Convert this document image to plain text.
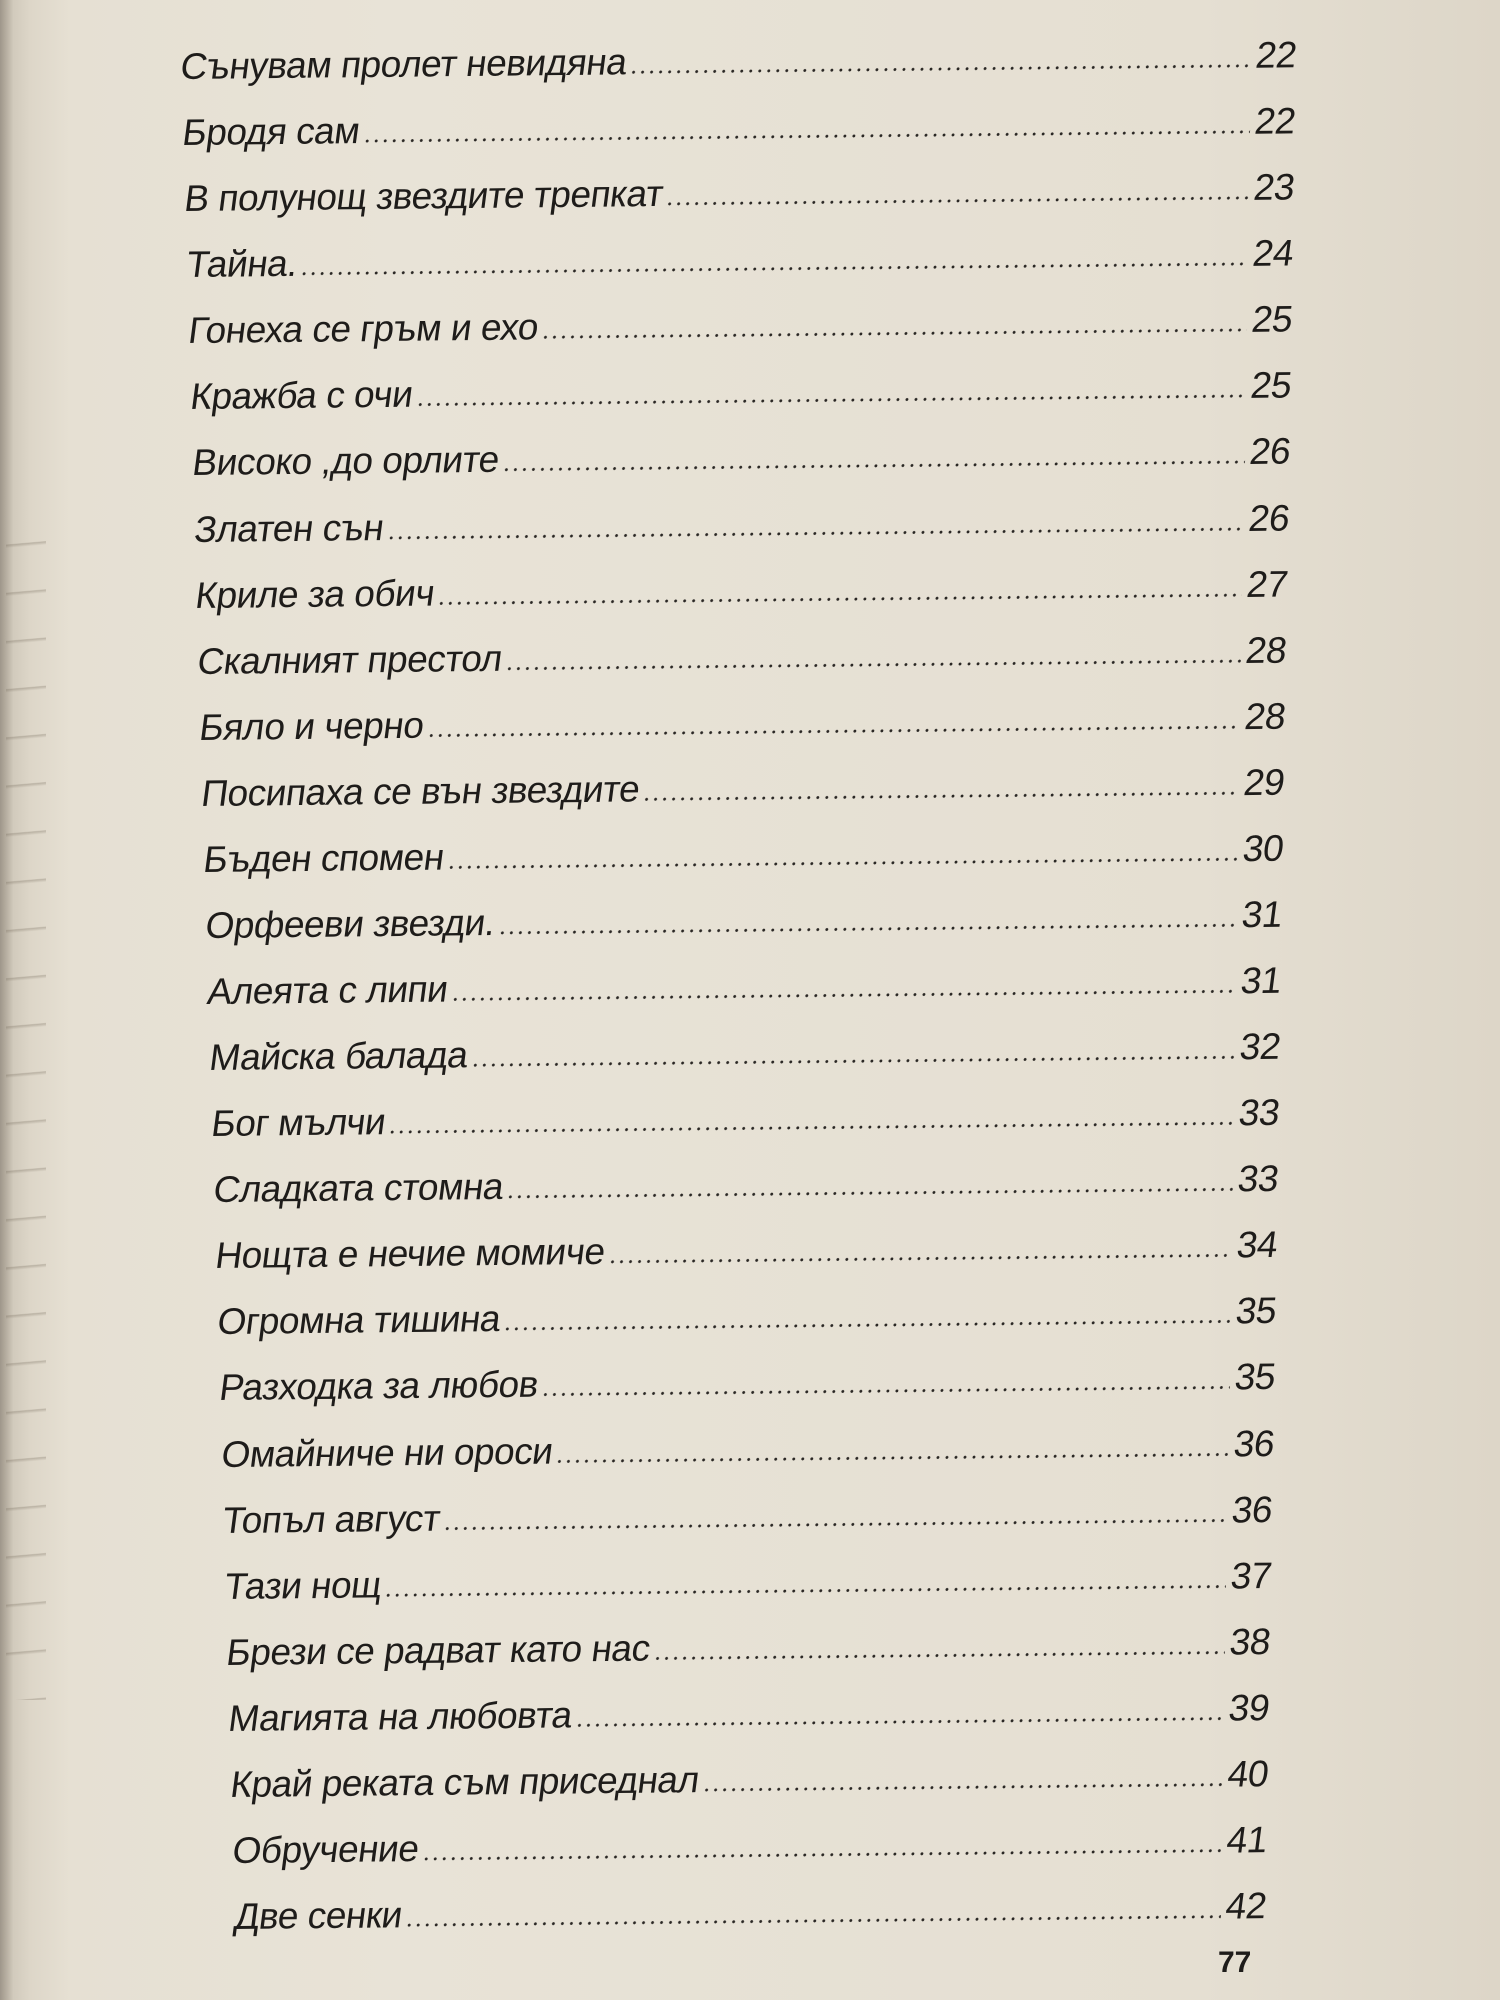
Сънувам пролет невидяна	22
Бродя сам	22
В полунощ звездите трепкат	23
Тайна.	24
Гонеха се гръм и ехо	25
Кражба с очи	25
Високо ,до орлите	26
Златен сън	26
Криле за обич	27
Скалният престол	28
Бяло и черно	28
Посипаха се вън звездите	29
Бъден спомен	30
Орфееви звезди.	31
Алеята с липи	31
Майска балада	32
Бог мълчи	33
Сладката стомна	33
Нощта е нечие момиче	34
Огромна тишина	35
Разходка за любов	35
Омайниче ни ороси	36
Топъл август	36
Тази нощ	37
Брези се радват като нас	38
Магията на любовта	39
Край реката съм приседнал	40
Обручение	41
Две сенки	42
77
